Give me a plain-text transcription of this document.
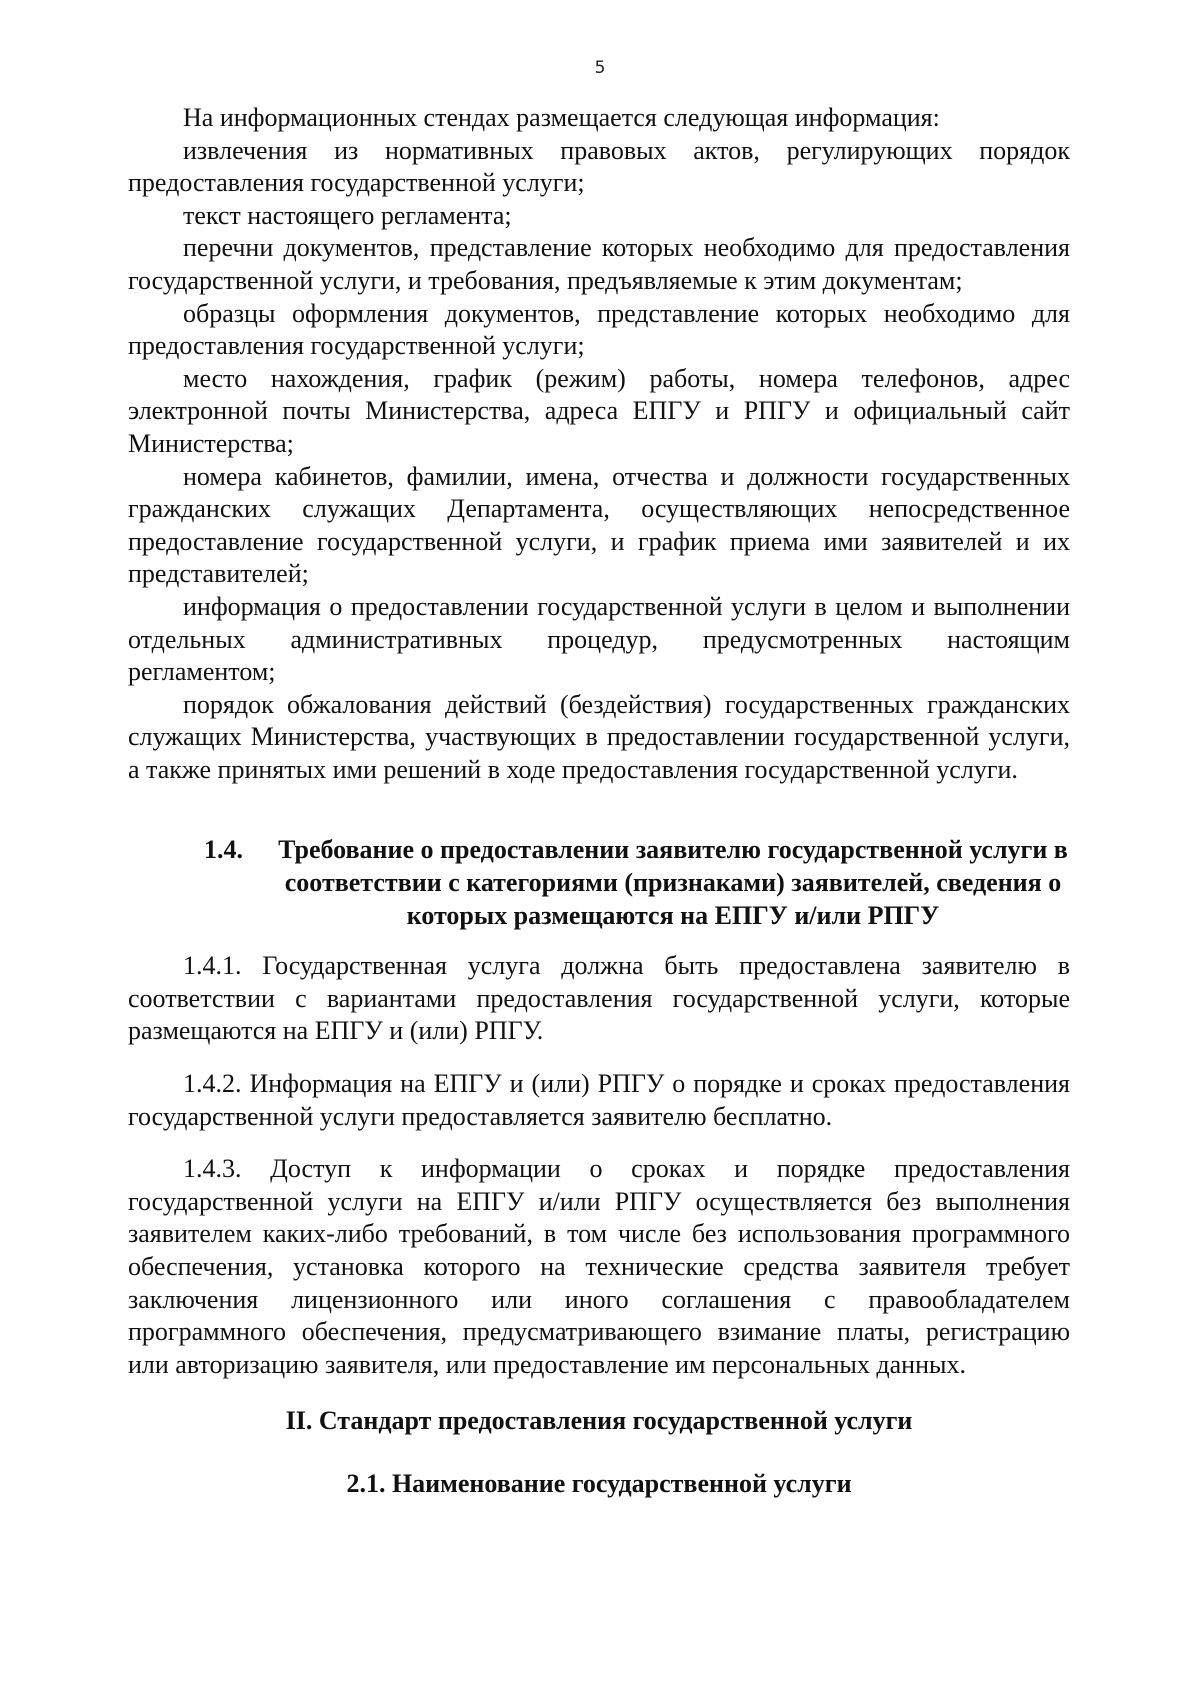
5

На информационных стендах размещается следующая информация:

извлечения из нормативных правовых актов, регулирующих порядок предоставления государственной услуги;

текст настоящего регламента;

перечни документов, представление которых необходимо для предоставления государственной услуги, и требования, предъявляемые к этим документам;

образцы оформления документов, представление которых необходимо для предоставления государственной услуги;

место нахождения, график (режим) работы, номера телефонов, адрес электронной почты Министерства, адреса ЕПГУ и РПГУ и официальный сайт Министерства;

номера кабинетов, фамилии, имена, отчества и должности государственных гражданских служащих Департамента, осуществляющих непосредственное предоставление государственной услуги, и график приема ими заявителей и их представителей;

информация о предоставлении государственной услуги в целом и выполнении отдельных административных процедур, предусмотренных настоящим регламентом;

порядок обжалования действий (бездействия) государственных гражданских служащих Министерства, участвующих в предоставлении государственной услуги, а также принятых ими решений в ходе предоставления государственной услуги.

1.4.	Требование о предоставлении заявителю государственной услуги в соответствии с категориями (признаками) заявителей, сведения о которых размещаются на ЕПГУ и/или РПГУ

1.4.1. Государственная услуга должна быть предоставлена заявителю в соответствии с вариантами предоставления государственной услуги, которые размещаются на ЕПГУ и (или) РПГУ.

1.4.2. Информация на ЕПГУ и (или) РПГУ о порядке и сроках предоставления государственной услуги предоставляется заявителю бесплатно.

1.4.3. Доступ к информации о сроках и порядке предоставления государственной услуги на ЕПГУ и/или РПГУ осуществляется без выполнения заявителем каких-либо требований, в том числе без использования программного обеспечения, установка которого на технические средства заявителя требует заключения лицензионного или иного соглашения с правообладателем программного обеспечения, предусматривающего взимание платы, регистрацию или авторизацию заявителя, или предоставление им персональных данных.

II. Стандарт предоставления государственной услуги

2.1. Наименование государственной услуги
